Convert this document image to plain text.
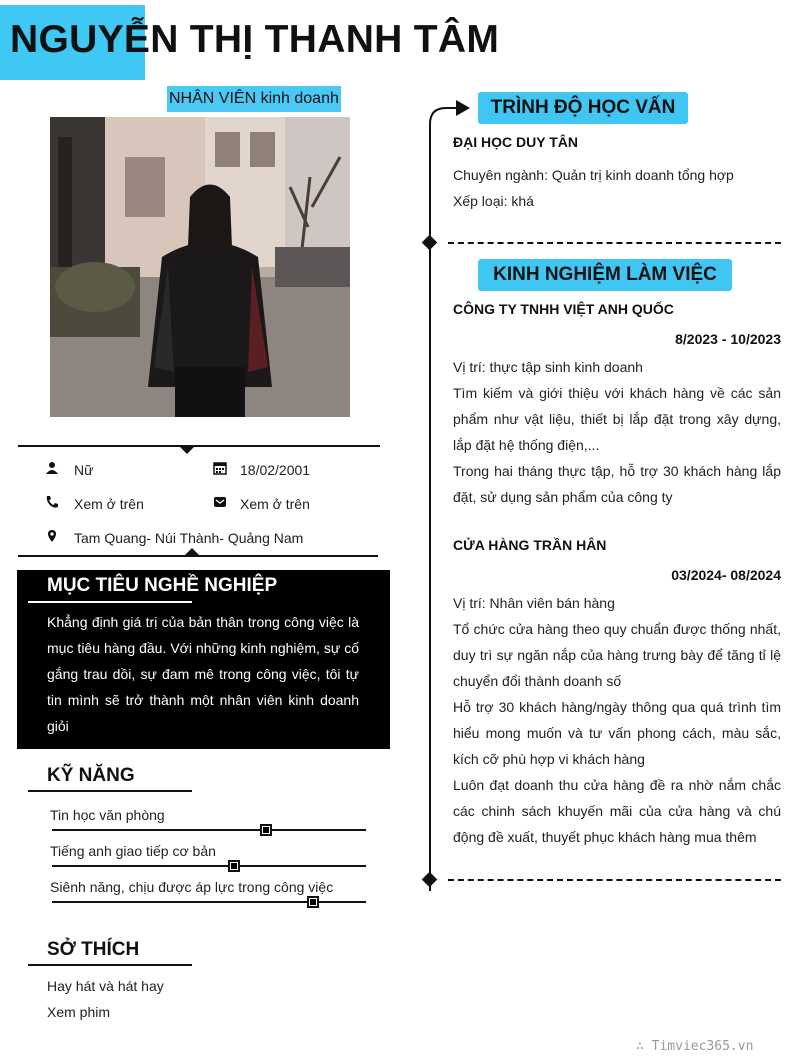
NGUYỄN THỊ THANH TÂM
NHÂN VIÊN kinh doanh
Nữ	18/02/2001
Xem ở trên	Xem ở trên
Tam Quang- Núi Thành- Quảng Nam
MỤC TIÊU NGHỀ NGHIỆP
Khẳng định giá trị của bản thân trong công việc là mục tiêu hàng đầu. Với những kinh nghiệm, sự cố gắng trau dồi, sự đam mê trong công việc, tôi tự tin mình sẽ trở thành một nhân viên kinh doanh giỏi
KỸ NĂNG
Tin học văn phòng
Tiếng anh giao tiếp cơ bản
Siênh năng, chịu được áp lực trong công việc
SỞ THÍCH
Hay hát và hát hay
Xem phim
TRÌNH ĐỘ HỌC VẤN
ĐẠI HỌC DUY TÂN
Chuyên ngành: Quản trị kinh doanh tổng hợp
Xếp loại: khá
KINH NGHIỆM LÀM VIỆC
CÔNG TY TNHH VIỆT ANH QUỐC
8/2023 - 10/2023
Vị trí: thực tập sinh kinh doanh
Tìm kiếm và giới thiệu với khách hàng về các sản phẩm như vật liệu, thiết bị lắp đặt trong xây dựng, lắp đặt hệ thống điện,...
Trong hai tháng thực tập, hỗ trợ 30 khách hàng lắp đặt, sử dụng sản phẩm của công ty
CỬA HÀNG TRẦN HÂN
03/2024- 08/2024
Vị trí: Nhân viên bán hàng
Tổ chức cửa hàng theo quy chuẩn được thống nhất, duy trì sự ngăn nắp của hàng trưng bày để tăng tỉ lệ chuyển đổi thành doanh số
Hỗ trợ 30 khách hàng/ngày thông qua quá trình tìm hiểu mong muốn và tư vấn phong cách, màu sắc, kích cỡ phù hợp vi khách hàng
Luôn đạt doanh thu cửa hàng đề ra nhờ nắm chắc các chinh sách khuyến mãi của cửa hàng và chú động đề xuất, thuyết phục khách hàng mua thêm
∴ Timviec365.vn
